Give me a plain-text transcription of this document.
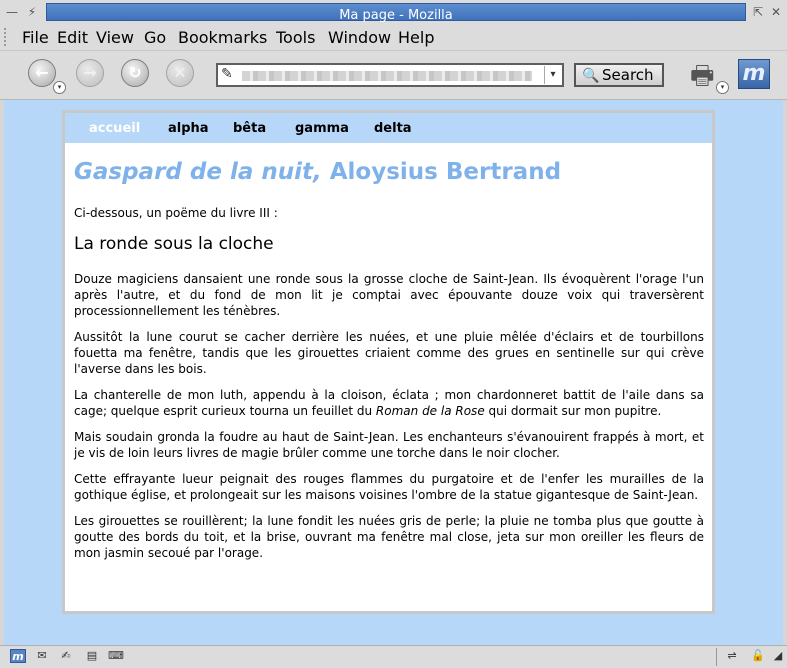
— ⚡	Ma page - Mozilla	⇱ ✕
File Edit View Go Bookmarks Tools Window Help
←
▾
→	↻	✕	✎	▾	🔍 Search	🖶 ▾
m
accueil alpha bêta gamma delta
Gaspard de la nuit, Aloysius Bertrand

Ci-dessous, un poëme du livre III :

La ronde sous la cloche

Douze magiciens dansaient une ronde sous la grosse cloche de Saint-Jean. Ils évoquèrent l'orage l'un après l'autre, et du fond de mon lit je comptai avec épouvante douze voix qui traversèrent processionnellement les ténèbres.

Aussitôt la lune courut se cacher derrière les nuées, et une pluie mêlée d'éclairs et de tourbillons fouetta ma fenêtre, tandis que les girouettes criaient comme des grues en sentinelle sur qui crève l'averse dans les bois.

La chanterelle de mon luth, appendu à la cloison, éclata ; mon chardonneret battit de l'aile dans sa cage; quelque esprit curieux tourna un feuillet du Roman de la Rose qui dormait sur mon pupitre.

Mais soudain gronda la foudre au haut de Saint-Jean. Les enchanteurs s'évanouirent frappés à mort, et je vis de loin leurs livres de magie brûler comme une torche dans le noir clocher.

Cette effrayante lueur peignait des rouges flammes du purgatoire et de l'enfer les murailles de la gothique église, et prolongeait sur les maisons voisines l'ombre de la statue gigantesque de Saint-Jean.

Les girouettes se rouillèrent; la lune fondit les nuées gris de perle; la pluie ne tomba plus que goutte à goutte des bords du toit, et la brise, ouvrant ma fenêtre mal close, jeta sur mon oreiller les fleurs de mon jasmin secoué par l'orage.

m	✉	✍	▤ ⌨	⇌	🔓 ◢
